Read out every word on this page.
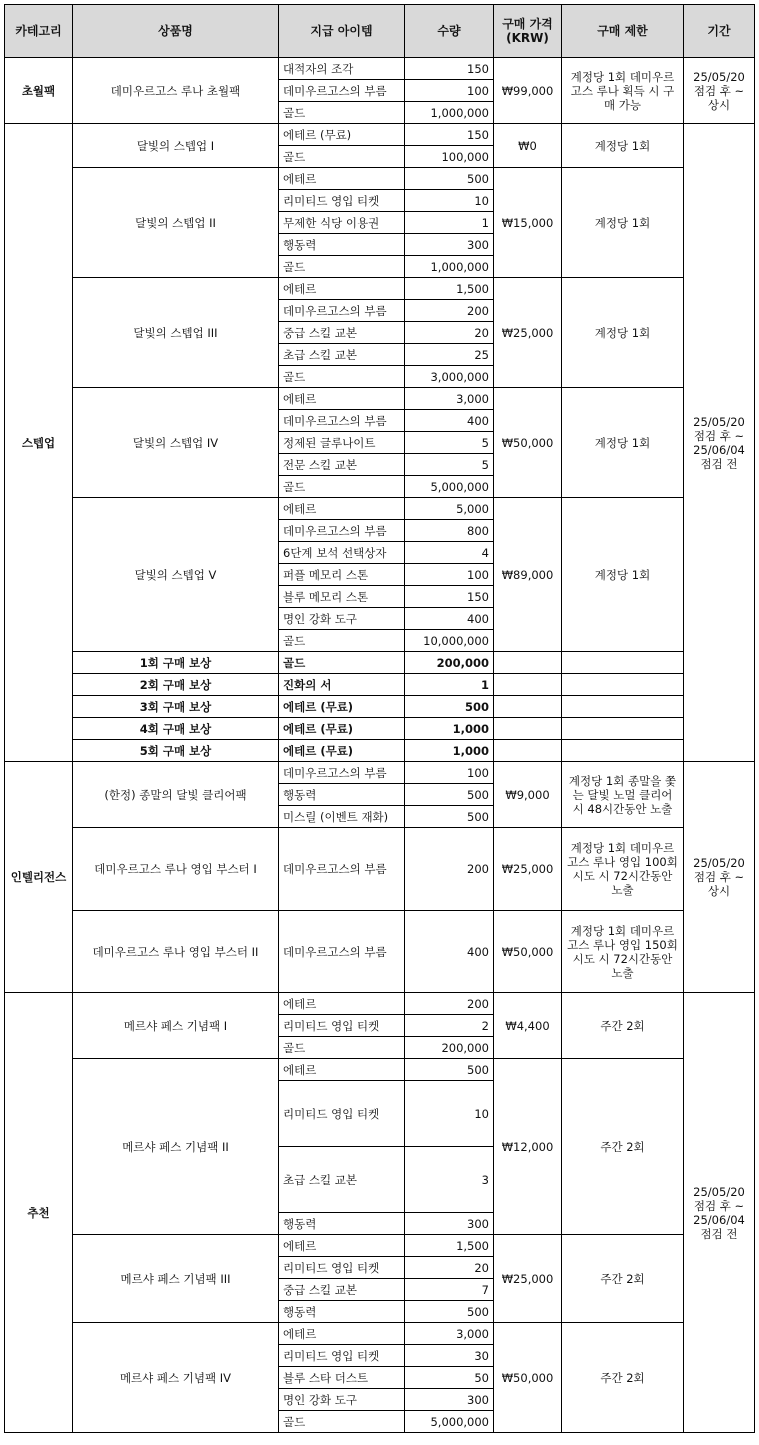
카테고리	상품명	지급 아이템	수량	구매 가격 (KRW)	구매 제한	기간
초월팩	데미우르고스 루나 초월팩	대적자의 조각	150	₩99,000	계정당 1회 데미우르고스 루나 획득 시 구매 가능	25/05/20 점검 후 ~ 상시
		데미우르고스의 부름	100			
		골드	1,000,000			
스텝업	달빛의 스텝업 I	에테르 (무료)	150	₩0	계정당 1회	25/05/20 점검 후 ~ 25/06/04 점검 전
		골드	100,000			
	달빛의 스텝업 II	에테르	500	₩15,000	계정당 1회	
		리미티드 영입 티켓	10			
		무제한 식당 이용권	1			
		행동력	300			
		골드	1,000,000			
	달빛의 스텝업 III	에테르	1,500	₩25,000	계정당 1회	
		데미우르고스의 부름	200			
		중급 스킬 교본	20			
		초급 스킬 교본	25			
		골드	3,000,000			
	달빛의 스텝업 IV	에테르	3,000	₩50,000	계정당 1회	
		데미우르고스의 부름	400			
		정제된 글루나이트	5			
		전문 스킬 교본	5			
		골드	5,000,000			
	달빛의 스텝업 V	에테르	5,000	₩89,000	계정당 1회	
		데미우르고스의 부름	800			
		6단계 보석 선택상자	4			
		퍼플 메모리 스톤	100			
		블루 메모리 스톤	150			
		명인 강화 도구	400			
		골드	10,000,000			
	1회 구매 보상	골드	200,000			
	2회 구매 보상	진화의 서	1			
	3회 구매 보상	에테르 (무료)	500			
	4회 구매 보상	에테르 (무료)	1,000			
	5회 구매 보상	에테르 (무료)	1,000			
인텔리전스	(한정) 종말의 달빛 클리어팩	데미우르고스의 부름	100	₩9,000	계정당 1회 종말을 쫓는 달빛 노멀 클리어 시 48시간동안 노출	25/05/20 점검 후 ~ 상시
		행동력	500			
		미스릴 (이벤트 재화)	500			
	데미우르고스 루나 영입 부스터 I	데미우르고스의 부름	200	₩25,000	계정당 1회 데미우르고스 루나 영입 100회 시도 시 72시간동안 노출	
	데미우르고스 루나 영입 부스터 II	데미우르고스의 부름	400	₩50,000	계정당 1회 데미우르고스 루나 영입 150회 시도 시 72시간동안 노출	
추천	메르샤 페스 기념팩 I	에테르	200	₩4,400	주간 2회	25/05/20 점검 후 ~ 25/06/04 점검 전
		리미티드 영입 티켓	2			
		골드	200,000			
	메르샤 페스 기념팩 II	에테르	500	₩12,000	주간 2회	
		리미티드 영입 티켓	10			
		초급 스킬 교본	3			
		행동력	300			
	메르샤 페스 기념팩 III	에테르	1,500	₩25,000	주간 2회	
		리미티드 영입 티켓	20			
		중급 스킬 교본	7			
		행동력	500			
	메르샤 페스 기념팩 IV	에테르	3,000	₩50,000	주간 2회	
		리미티드 영입 티켓	30			
		블루 스타 더스트	50			
		명인 강화 도구	300			
		골드	5,000,000			
